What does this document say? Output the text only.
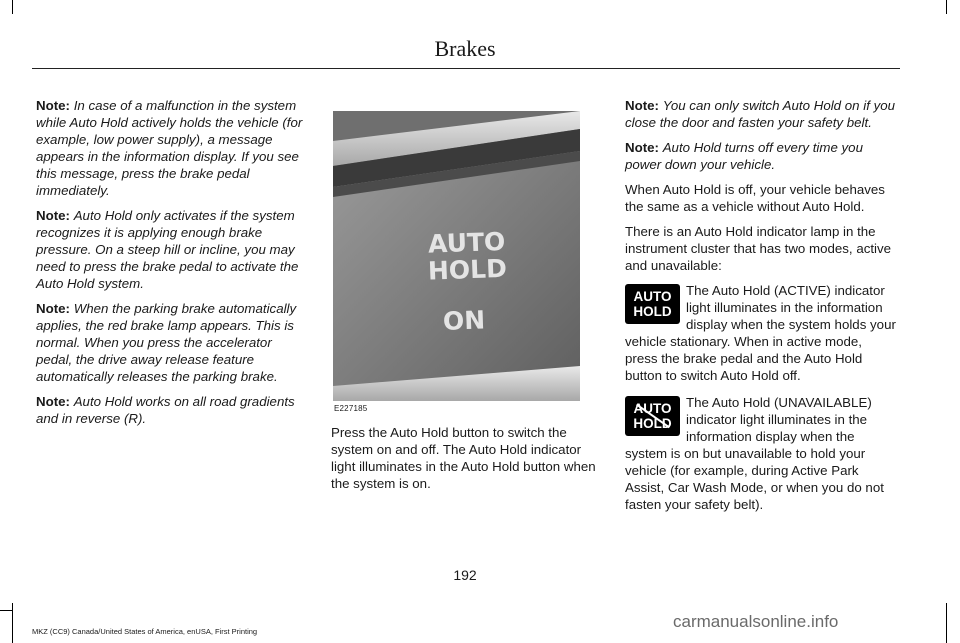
Brakes

Note: In case of a malfunction in the system while Auto Hold actively holds the vehicle (for example, low power supply), a message appears in the information display. If you see this message, press the brake pedal immediately.

Note: Auto Hold only activates if the system recognizes it is applying enough brake pressure. On a steep hill or incline, you may need to press the brake pedal to activate the Auto Hold system.

Note: When the parking brake automatically applies, the red brake lamp appears. This is normal. When you press the accelerator pedal, the drive away release feature automatically releases the parking brake.

Note: Auto Hold works on all road gradients and in reverse (R).

AUTO
HOLD
ON
E227185

Press the Auto Hold button to switch the system on and off. The Auto Hold indicator light illuminates in the Auto Hold button when the system is on.

Note: You can only switch Auto Hold on if you close the door and fasten your safety belt.

Note: Auto Hold turns off every time you power down your vehicle.

When Auto Hold is off, your vehicle behaves the same as a vehicle without Auto Hold.

There is an Auto Hold indicator lamp in the instrument cluster that has two modes, active and unavailable:

AUTO
HOLD
The Auto Hold (ACTIVE) indicator light illuminates in the information display when the system holds your vehicle stationary. When in active mode, press the brake pedal and the Auto Hold button to switch Auto Hold off.
AUTO
HOLD
The Auto Hold (UNAVAILABLE) indicator light illuminates in the information display when the system is on but unavailable to hold your vehicle (for example, during Active Park Assist, Car Wash Mode, or when you do not fasten your safety belt).
192
MKZ (CC9) Canada/United States of America, enUSA, First Printing
carmanualsonline.info
